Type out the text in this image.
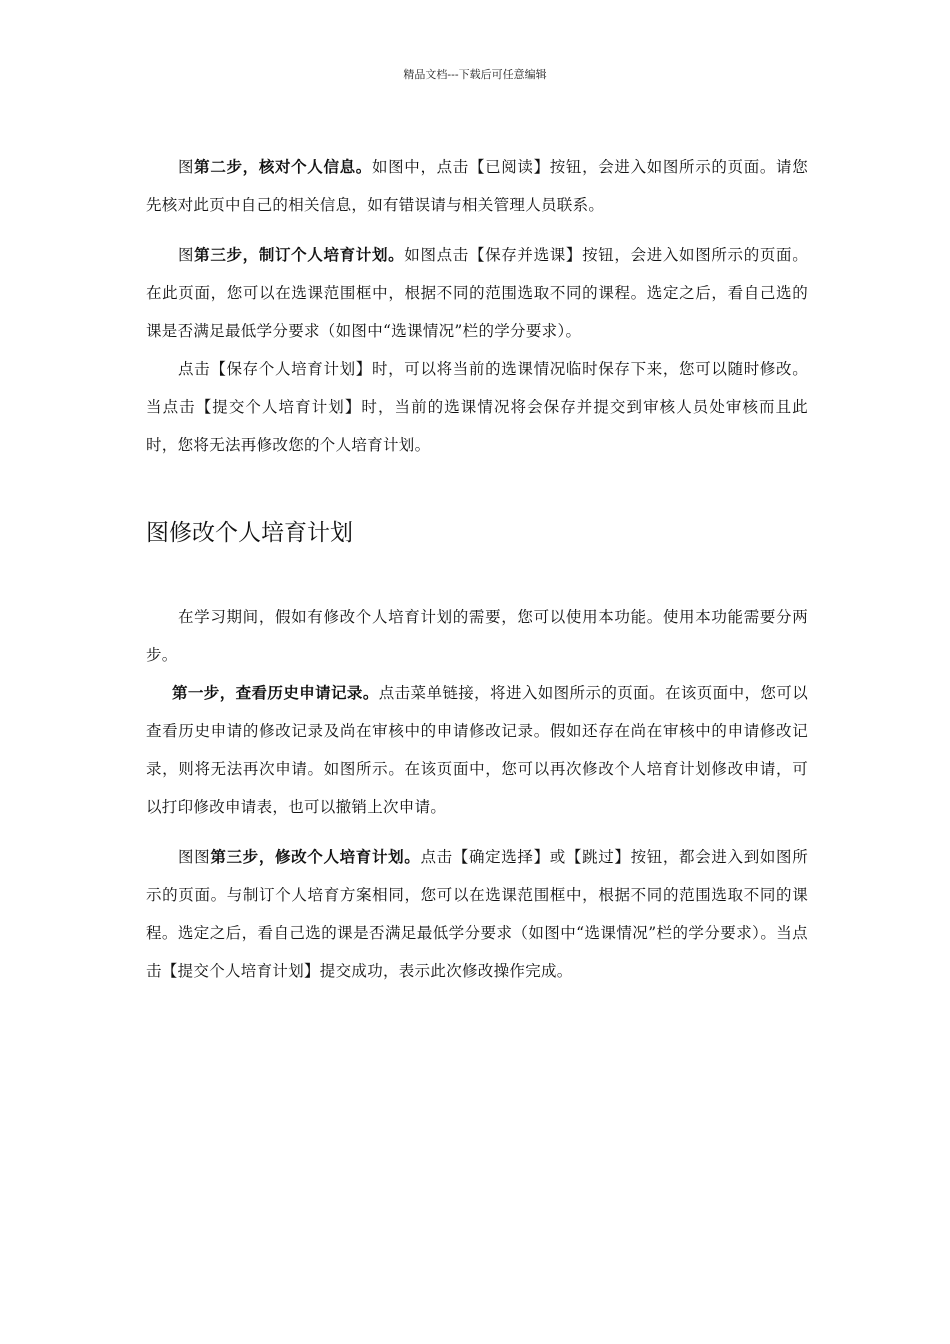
精品文档---下载后可任意编辑

图第二步，核对个人信息。如图中，点击【已阅读】按钮，会进入如图所示的页面。请您先核对此页中自己的相关信息，如有错误请与相关管理人员联系。

图第三步，制订个人培育计划。如图点击【保存并选课】按钮，会进入如图所示的页面。在此页面，您可以在选课范围框中，根据不同的范围选取不同的课程。选定之后，看自己选的课是否满足最低学分要求（如图中“选课情况”栏的学分要求）。

点击【保存个人培育计划】时，可以将当前的选课情况临时保存下来，您可以随时修改。当点击【提交个人培育计划】时，当前的选课情况将会保存并提交到审核人员处审核而且此时，您将无法再修改您的个人培育计划。

图修改个人培育计划

在学习期间，假如有修改个人培育计划的需要，您可以使用本功能。使用本功能需要分两步。

第一步，查看历史申请记录。点击菜单链接，将进入如图所示的页面。在该页面中，您可以查看历史申请的修改记录及尚在审核中的申请修改记录。假如还存在尚在审核中的申请修改记录，则将无法再次申请。如图所示。在该页面中，您可以再次修改个人培育计划修改申请，可以打印修改申请表，也可以撤销上次申请。

图图第三步，修改个人培育计划。点击【确定选择】或【跳过】按钮，都会进入到如图所示的页面。与制订个人培育方案相同，您可以在选课范围框中，根据不同的范围选取不同的课程。选定之后，看自己选的课是否满足最低学分要求（如图中“选课情况”栏的学分要求）。当点击【提交个人培育计划】提交成功，表示此次修改操作完成。
